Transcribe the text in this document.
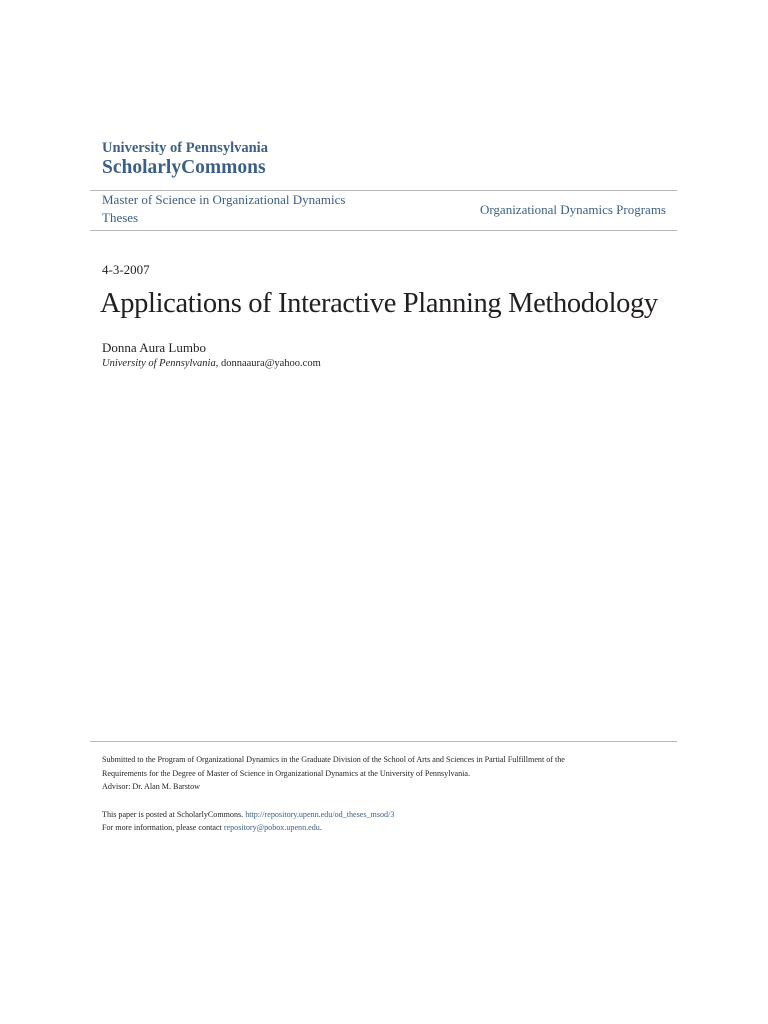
University of Pennsylvania
ScholarlyCommons
Master of Science in Organizational Dynamics
Theses
Organizational Dynamics Programs
4-3-2007
Applications of Interactive Planning Methodology
Donna Aura Lumbo
University of Pennsylvania, donnaaura@yahoo.com

Submitted to the Program of Organizational Dynamics in the Graduate Division of the School of Arts and Sciences in Partial Fulfillment of the

Requirements for the Degree of Master of Science in Organizational Dynamics at the University of Pennsylvania.

Advisor: Dr. Alan M. Barstow

This paper is posted at ScholarlyCommons. http://repository.upenn.edu/od_theses_msod/3

For more information, please contact repository@pobox.upenn.edu.
